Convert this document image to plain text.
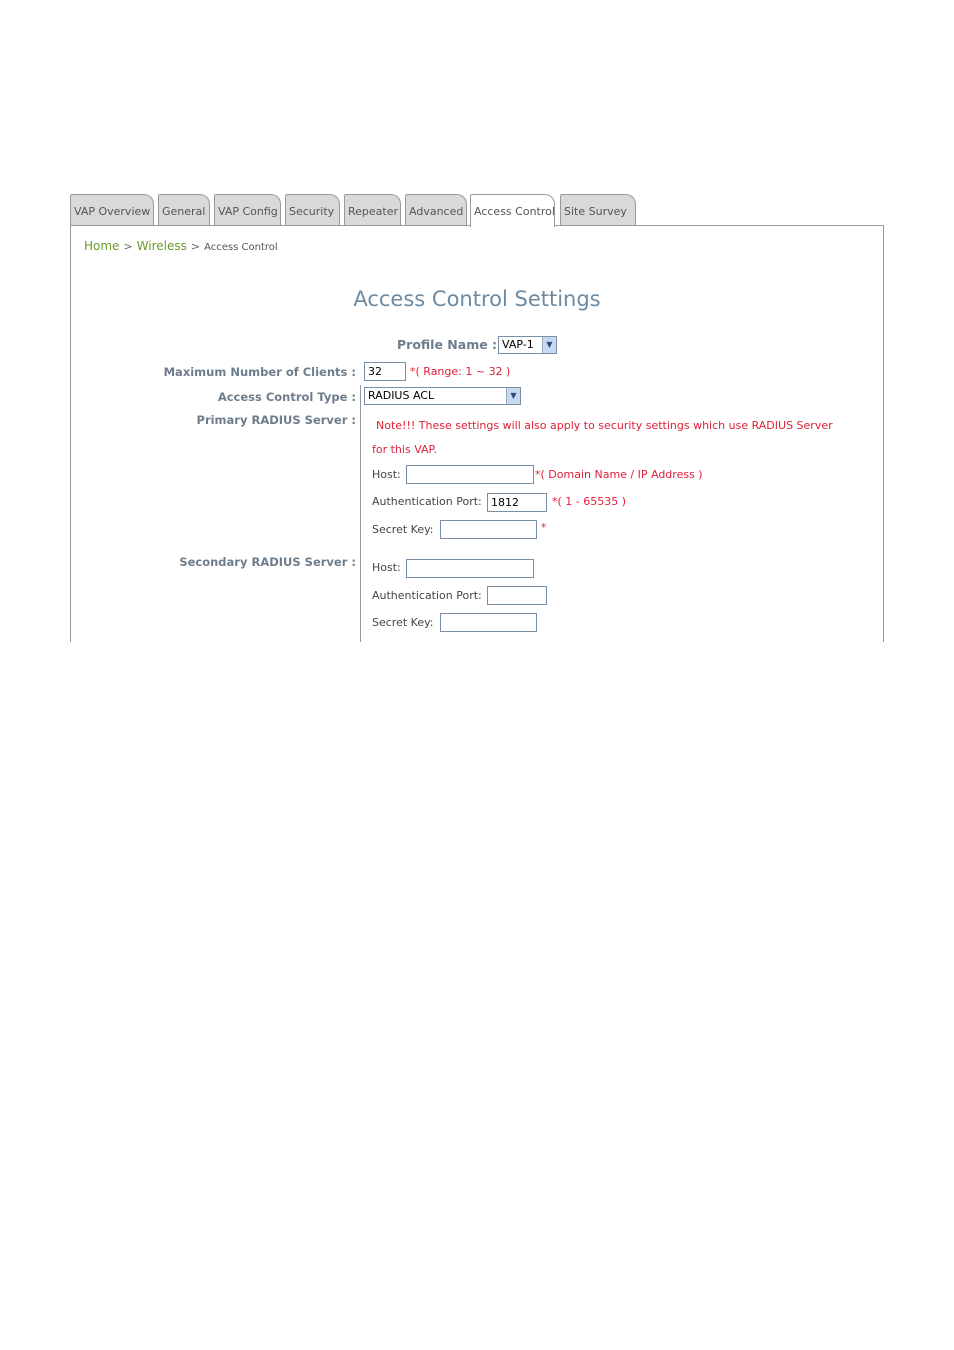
VAP Overview	General	VAP Config	Security	Repeater Advanced Access Control Site Survey
Home > Wireless > Access Control
Access Control Settings
Profile Name : VAP-1	▼
Maximum Number of Clients :	32	*( Range: 1 ~ 32 )
Access Control Type :	RADIUS ACL	▼
Primary RADIUS Server : Note!!! These settings will also apply to security settings which use RADIUS Server
for this VAP.
Host:	*( Domain Name / IP Address )
Authentication Port: 1812	*( 1 - 65535 )
Secret Key:	*
Secondary RADIUS Server : Host:
Authentication Port:
Secret Key:
